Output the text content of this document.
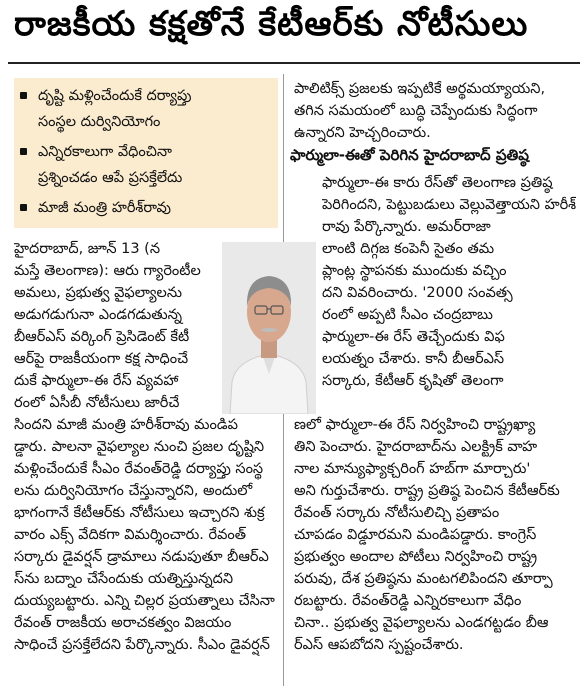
రాజకీయ కక్షతోనే కేటీఆర్‌కు నోటీసులు
దృష్టి మళ్లించేందుకే దర్యాప్తు
సంస్థల దుర్వినియోగం
ఎన్నిరకాలుగా వేధించినా
ప్రశ్నించడం ఆపే ప్రసక్తేలేదు
మాజీ మంత్రి హరీశ్‌రావు
హైదరాబాద్, జూన్ 13 (న
మస్తే తెలంగాణ): ఆరు గ్యారెంటీల
అమలు, ప్రభుత్వ వైఫల్యాలను
అడుగడుగునా ఎండగడుతున్న
బీఆర్ఎస్ వర్కింగ్ ప్రెసిడెంట్ కేటీ
ఆర్‌పై రాజకీయంగా కక్ష సాధించే
దుకే ఫార్ములా-ఈ రేస్ వ్యవహా
రంలో ఏసీబీ నోటీసులు జారీచే
సిందని మాజీ మంత్రి హరీశ్‌రావు మండిప
డ్డారు. పాలనా వైఫల్యాల నుంచి ప్రజల దృష్టిని
మళ్లించేందుకే సీఎం రేవంత్‌రెడ్డి దర్యాప్తు సంస్థ
లను దుర్వినియోగం చేస్తున్నారని, అందులో
భాగంగానే కేటీఆర్‌కు నోటీసులు ఇచ్చారని శుక్ర
వారం ఎక్స్ వేదికగా విమర్శించారు. రేవంత్
సర్కారు డైవర్షన్ డ్రామాలు నడుపుతూ బీఆర్ఎ
స్‌ను బద్నాం చేసేందుకు యత్నిస్తున్నదని
దుయ్యబట్టారు. ఎన్ని చిల్లర ప్రయత్నాలు చేసినా
రేవంత్ రాజకీయ అరాచకత్వం విజయం
సాధించే ప్రసక్తేలేదని పేర్కొన్నారు. సీఎం డైవర్షన్
పాలిటిక్స్ ప్రజలకు ఇప్పటికే అర్థమయ్యాయని,
తగిన సమయంలో బుద్ధి చెప్పేందుకు సిద్ధంగా
ఉన్నారని హెచ్చరించారు.
ఫార్ములా-ఈతో పెరిగిన హైదరాబాద్ ప్రతిష్ఠ
ఫార్ములా-ఈ కారు రేస్‌తో తెలంగాణ ప్రతిష్ఠ
పెరిగిందని, పెట్టుబడులు వెల్లువెత్తాయని హరీశ్
రావు పేర్కొన్నారు. అమర్‌రాజా
లాంటి దిగ్గజ కంపెనీ సైతం తమ
ప్లాంట్ల స్థాపనకు ముందుకు వచ్చిం
దని వివరించారు. '2000 సంవత్స
రంలో అప్పటి సీఎం చంద్రబాబు
ఫార్ములా-ఈ రేస్ తెచ్చేందుకు విఫ
లయత్నం చేశారు. కానీ బీఆర్ఎస్
సర్కారు, కేటీఆర్ కృషితో తెలంగా
ణలో ఫార్ములా-ఈ రేస్ నిర్వహించి రాష్ట్రఖ్యా
తిని పెంచారు. హైదరాబాద్‌ను ఎలక్ట్రిక్ వాహ
నాల మాన్యుఫ్యాక్చరింగ్ హబ్‌గా మార్చారు'
అని గుర్తుచేశారు. రాష్ట్ర ప్రతిష్ఠ పెంచిన కేటీఆర్‌కు
రేవంత్ సర్కారు నోటీసులిచ్చి ప్రతాపం
చూపడం విడ్డూరమని మండిపడ్డారు. కాంగ్రెస్
ప్రభుత్వం అందాల పోటీలు నిర్వహించి రాష్ట్ర
పరువు, దేశ ప్రతిష్ఠను మంటగలిపిందని తూర్పా
రబట్టారు. రేవంత్‌రెడ్డి ఎన్నిరకాలుగా వేధిం
చినా.. ప్రభుత్వ వైఫల్యాలను ఎండగట్టడం బీఆ
ర్ఎస్ ఆపబోదని స్పష్టంచేశారు.
